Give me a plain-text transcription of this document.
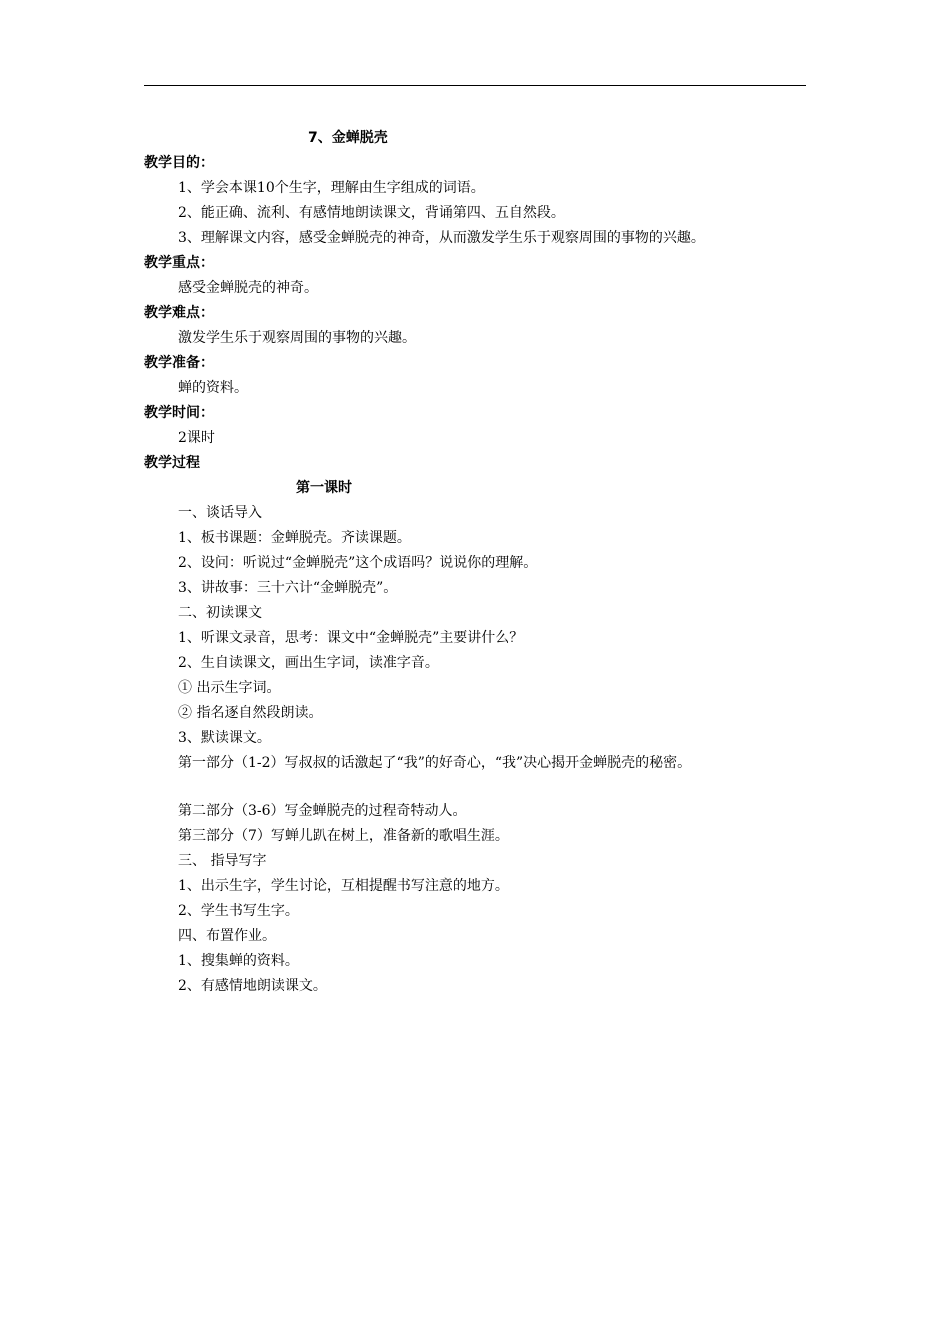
7、金蝉脱壳
教学目的：
1、学会本课10个生字，理解由生字组成的词语。
2、能正确、流利、有感情地朗读课文，背诵第四、五自然段。
3、理解课文内容，感受金蝉脱壳的神奇，从而激发学生乐于观察周围的事物的兴趣。
教学重点：
感受金蝉脱壳的神奇。
教学难点：
激发学生乐于观察周围的事物的兴趣。
教学准备：
蝉的资料。
教学时间：
2课时
教学过程
第一课时
一、谈话导入
1、板书课题：金蝉脱壳。齐读课题。
2、设问：听说过“金蝉脱壳”这个成语吗？说说你的理解。
3、讲故事：三十六计“金蝉脱壳”。
二、初读课文
1、听课文录音，思考：课文中“金蝉脱壳”主要讲什么？
2、生自读课文，画出生字词，读准字音。
① 出示生字词。
② 指名逐自然段朗读。
3、默读课文。
第一部分（1-2）写叔叔的话激起了“我”的好奇心，“我”决心揭开金蝉脱壳的秘密。
第二部分（3-6）写金蝉脱壳的过程奇特动人。
第三部分（7）写蝉儿趴在树上，准备新的歌唱生涯。
三、 指导写字
1、出示生字，学生讨论，互相提醒书写注意的地方。
2、学生书写生字。
四、布置作业。
1、搜集蝉的资料。
2、有感情地朗读课文。
